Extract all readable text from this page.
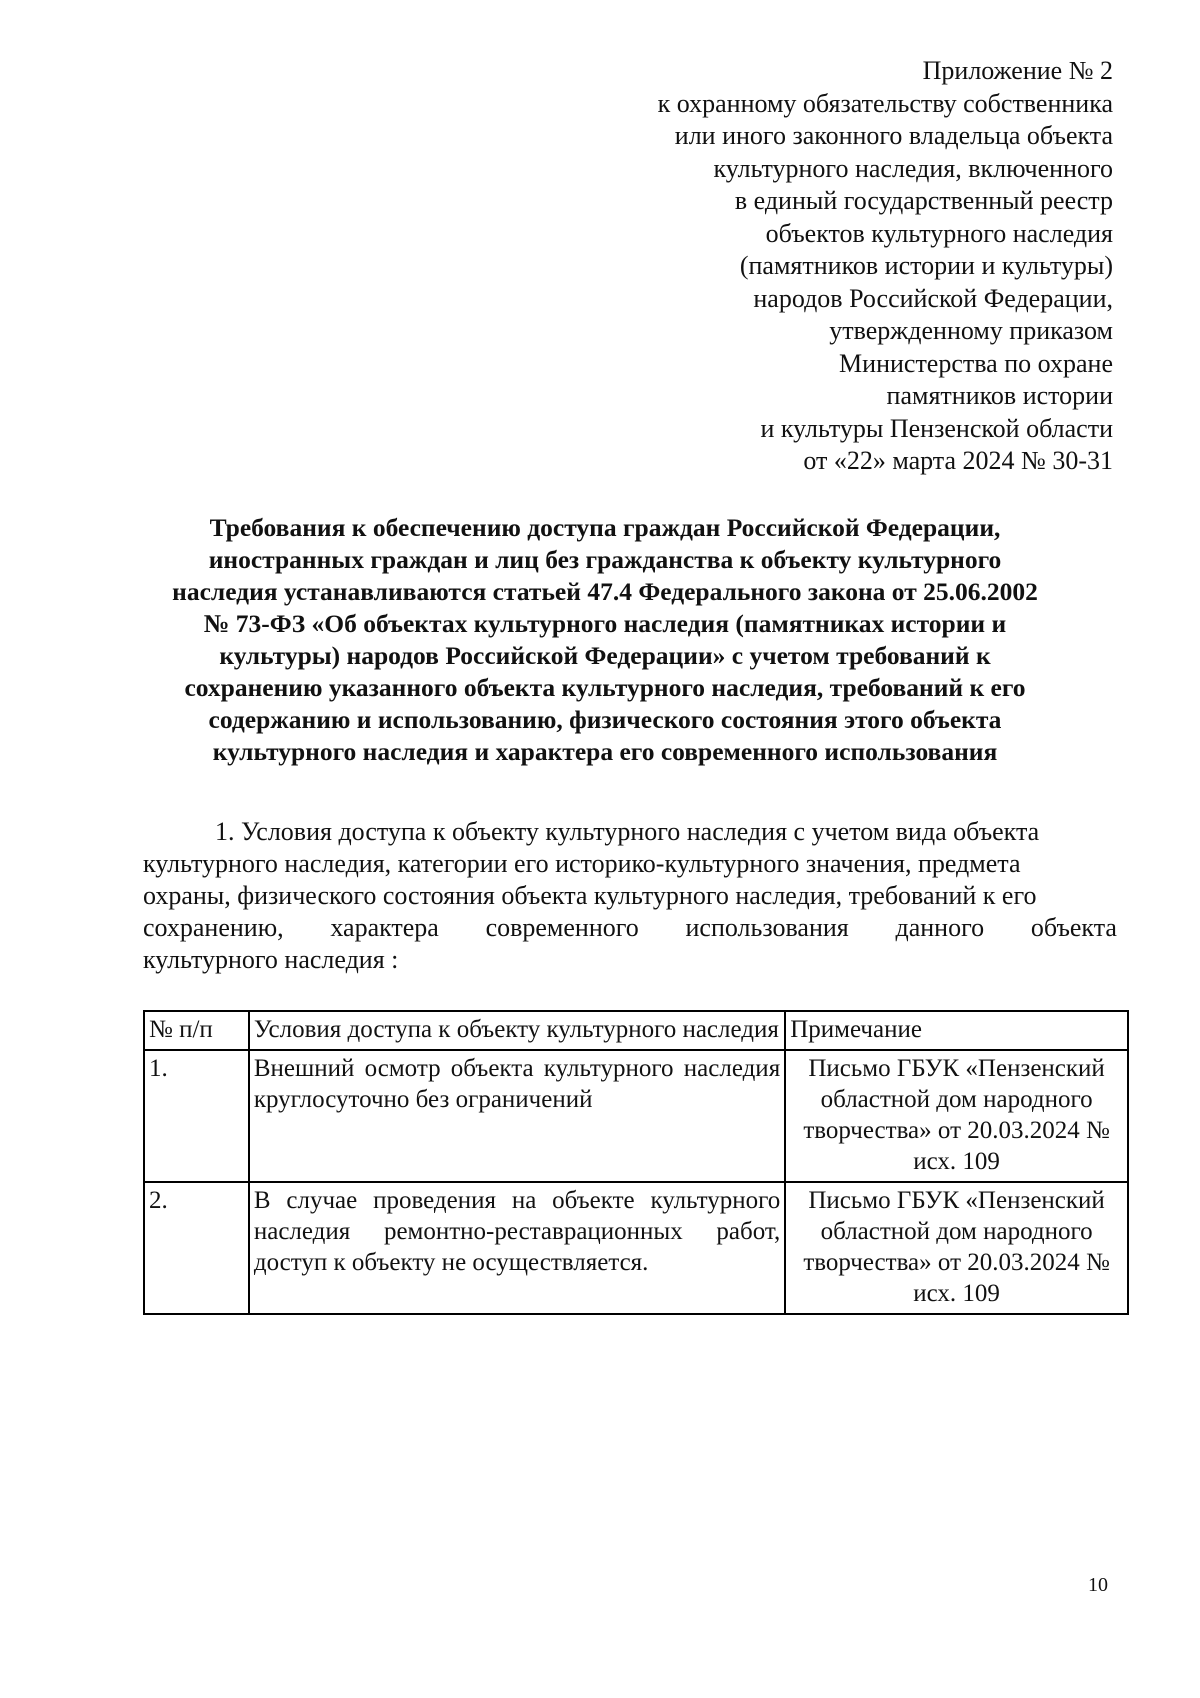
Приложение № 2
к охранному обязательству собственника
или иного законного владельца объекта
культурного наследия, включенного
в единый государственный реестр
объектов культурного наследия
(памятников истории и культуры)
народов Российской Федерации,
утвержденному приказом
Министерства по охране
памятников истории
и культуры Пензенской области
от «22» марта 2024 № 30-31
Требования к обеспечению доступа граждан Российской Федерации,
иностранных граждан и лиц без гражданства к объекту культурного
наследия устанавливаются статьей 47.4 Федерального закона от 25.06.2002
№ 73-ФЗ «Об объектах культурного наследия (памятниках истории и
культуры) народов Российской Федерации» с учетом требований к
сохранению указанного объекта культурного наследия, требований к его
содержанию и использованию, физического состояния этого объекта
культурного наследия и характера его современного использования
1. Условия доступа к объекту культурного наследия с учетом вида объекта
культурного наследия, категории его историко-культурного значения, предмета
охраны, физического состояния объекта культурного наследия, требований к его
сохранению, характера современного использования данного объекта
культурного наследия :
№ п/п	Условия доступа к объекту культурного наследия	Примечание
1.	Внешний осмотр объекта культурного наследия круглосуточно без ограничений	Письмо ГБУК «Пензенский областной дом народного творчества» от 20.03.2024 № исх. 109
2.	В случае проведения на объекте культурного наследия ремонтно-реставрационных работ, доступ к объекту не осуществляется.	Письмо ГБУК «Пензенский областной дом народного творчества» от 20.03.2024 № исх. 109
10
